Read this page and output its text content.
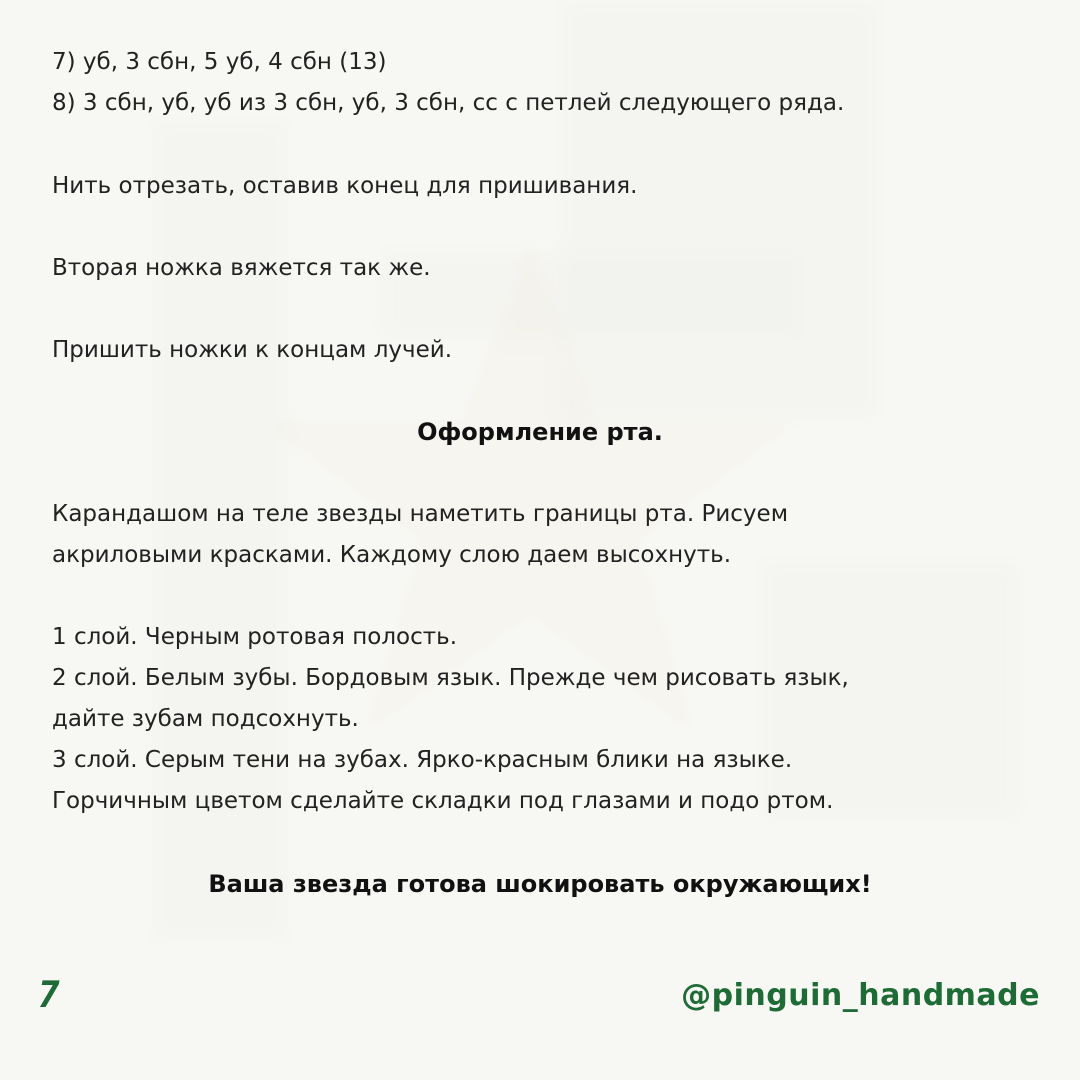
7) уб, 3 сбн, 5 уб, 4 сбн (13)

8) 3 сбн, уб, уб из 3 сбн, уб, 3 сбн, сс с петлей следующего ряда.

Нить отрезать, оставив конец для пришивания.

Вторая ножка вяжется так же.

Пришить ножки к концам лучей.

Оформление рта.

Карандашом на теле звезды наметить границы рта. Рисуем

акриловыми красками. Каждому слою даем высохнуть.

1 слой. Черным ротовая полость.

2 слой. Белым зубы. Бордовым язык. Прежде чем рисовать язык,

дайте зубам подсохнуть.

3 слой. Серым тени на зубах. Ярко-красным блики на языке.

Горчичным цветом сделайте складки под глазами и подо ртом.

Ваша звезда готова шокировать окружающих!
7	@pinguin_handmade
